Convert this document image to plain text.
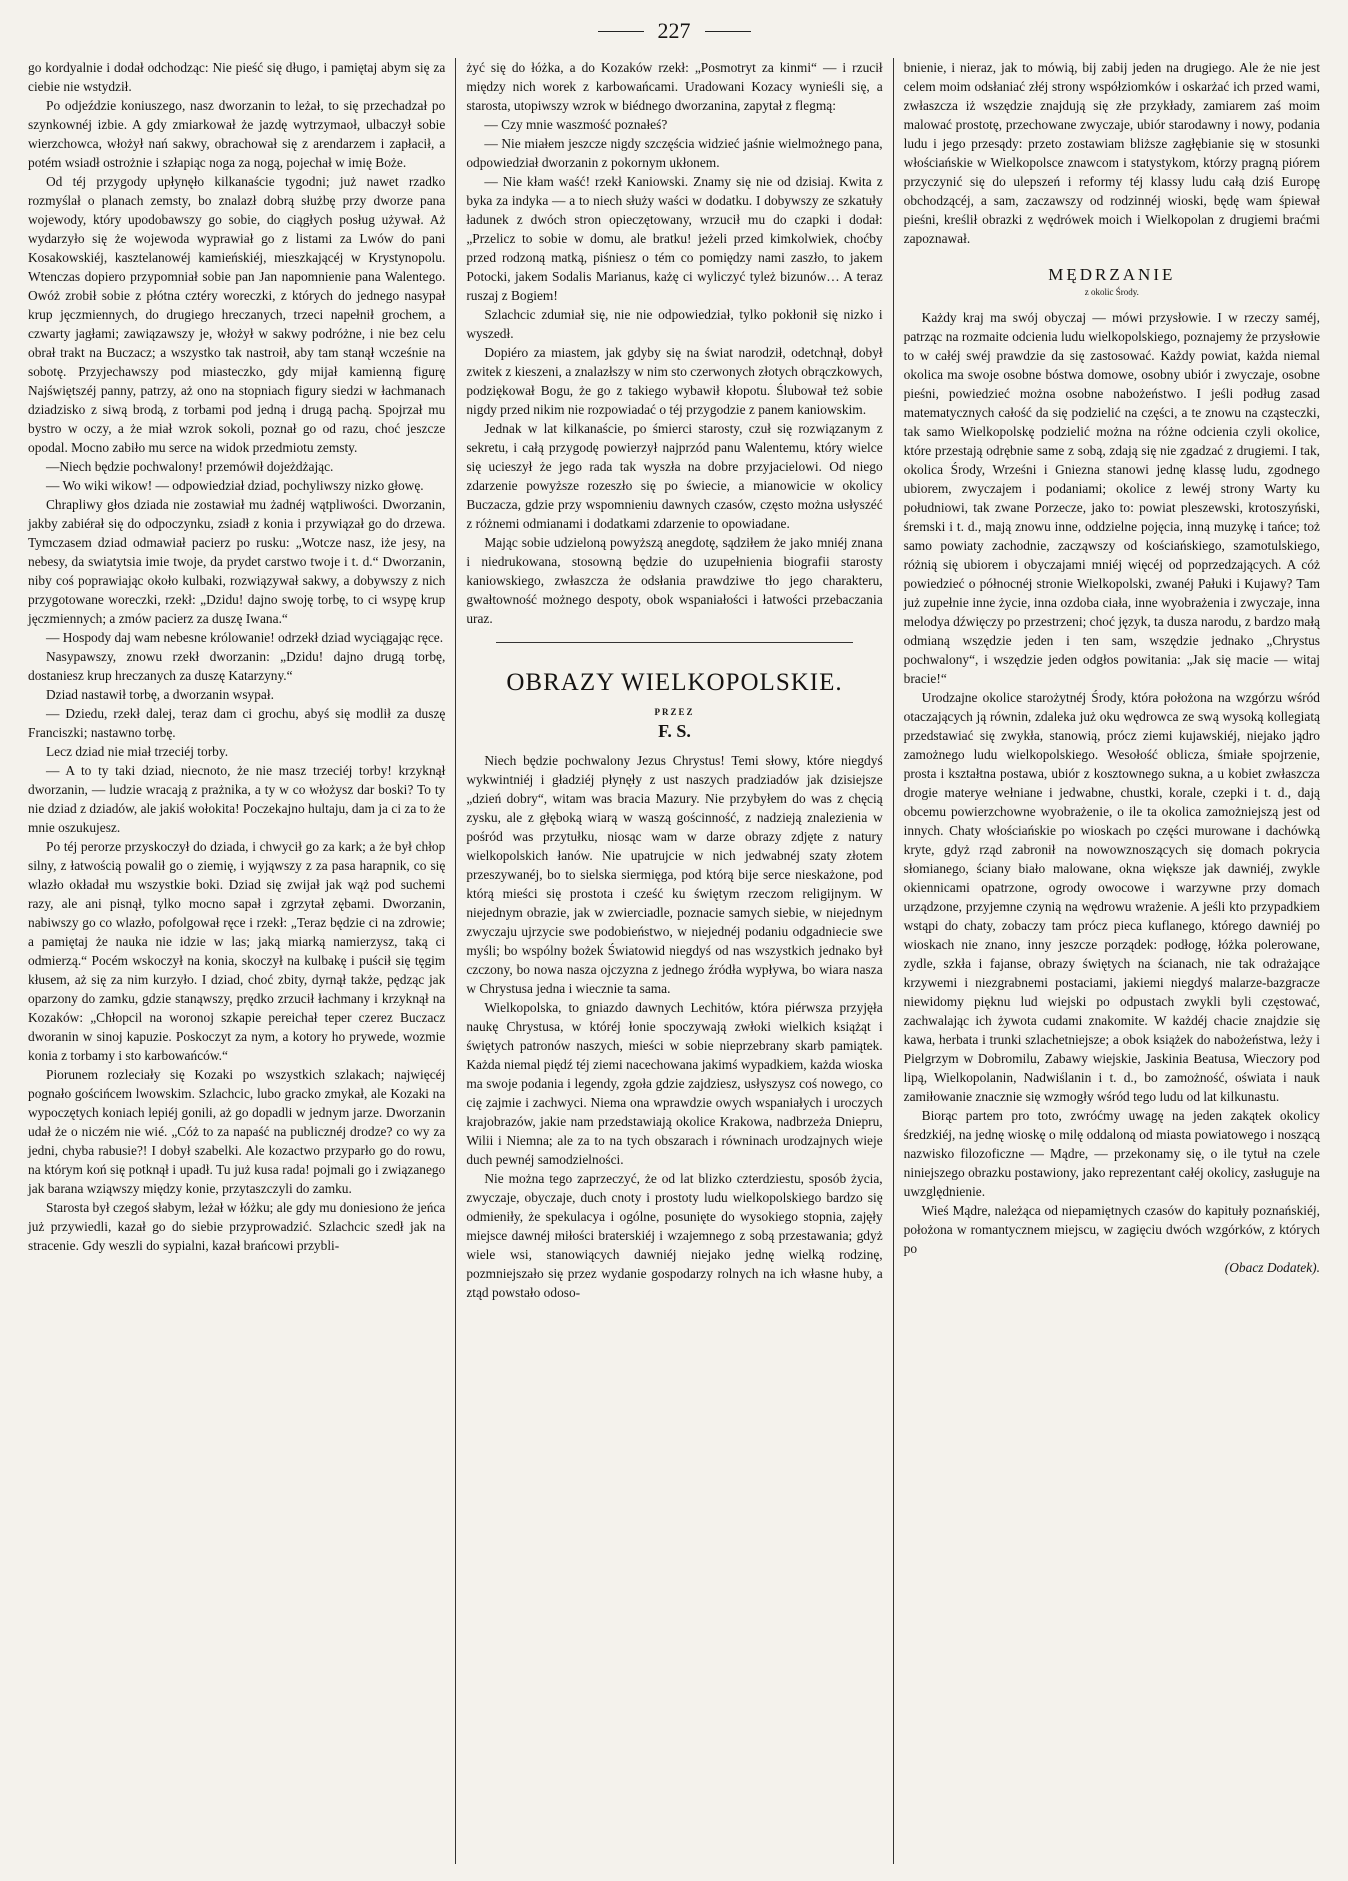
227

go kordyalnie i dodał odchodząc: Nie pieść się długo, i pamiętaj abym się za ciebie nie wstydził.

Po odjeździe koniuszego, nasz dworzanin to leżał, to się przechadzał po szynkownéj izbie. A gdy zmiarkował że jazdę wytrzymaoł, ulbaczył sobie wierzchowca, włożył nań sakwy, obrachował się z arendarzem i zapłacił, a potém wsiadł ostrożnie i szłapiąc noga za nogą, pojechał w imię Boże.

Od téj przygody upłynęło kilkanaście tygodni; już nawet rzadko rozmyślał o planach zemsty, bo znalazł dobrą służbę przy dworze pana wojewody, który upodobawszy go sobie, do ciągłych posług używał. Aż wydarzyło się że wojewoda wyprawiał go z listami za Lwów do pani Kosakowskiéj, kasztelanowéj kamieńskiéj, mieszkającéj w Krystynopolu. Wtenczas dopiero przypomniał sobie pan Jan napomnienie pana Walentego. Owóż zrobił sobie z płótna cztéry woreczki, z których do jednego nasypał krup jęczmiennych, do drugiego hreczanych, trzeci napełnił grochem, a czwarty jagłami; zawiązawszy je, włożył w sakwy podróżne, i nie bez celu obrał trakt na Buczacz; a wszystko tak nastroił, aby tam stanął wcześnie na sobotę. Przyjechawszy pod miasteczko, gdy mijał kamienną figurę Najświętszéj panny, patrzy, aż ono na stopniach figury siedzi w łachmanach dziadzisko z siwą brodą, z torbami pod jedną i drugą pachą. Spojrzał mu bystro w oczy, a że miał wzrok sokoli, poznał go od razu, choć jeszcze opodal. Mocno zabiło mu serce na widok przedmiotu zemsty.

—Niech będzie pochwalony! przemówił dojeżdżając.

— Wo wiki wikow! — odpowiedział dziad, pochyliwszy nizko głowę.

Chrapliwy głos dziada nie zostawiał mu żadnéj wątpliwości. Dworzanin, jakby zabiérał się do odpoczynku, zsiadł z konia i przywiązał go do drzewa. Tymczasem dziad odmawiał pacierz po rusku: „Wotcze nasz, iże jesy, na nebesy, da swiatytsia imie twoje, da prydet carstwo twoje i t. d.“ Dworzanin, niby coś poprawiając około kulbaki, rozwiązywał sakwy, a dobywszy z nich przygotowane woreczki, rzekł: „Dzidu! dajno swoję torbę, to ci wsypę krup jęczmiennych; a zmów pacierz za duszę Iwana.“

— Hospody daj wam nebesne królowanie! odrzekł dziad wyciągając ręce.

Nasypawszy, znowu rzekł dworzanin: „Dzidu! dajno drugą torbę, dostaniesz krup hreczanych za duszę Katarzyny.“

Dziad nastawił torbę, a dworzanin wsypał.

— Dziedu, rzekł dalej, teraz dam ci grochu, abyś się modlił za duszę Franciszki; nastawno torbę.

Lecz dziad nie miał trzeciéj torby.

— A to ty taki dziad, niecnoto, że nie masz trzeciéj torby! krzyknął dworzanin, — ludzie wracają z prażnika, a ty w co włożysz dar boski? To ty nie dziad z dziadów, ale jakiś wołokita! Poczekajno hultaju, dam ja ci za to że mnie oszukujesz.

Po téj perorze przyskoczył do dziada, i chwycił go za kark; a że był chłop silny, z łatwością powalił go o ziemię, i wyjąwszy z za pasa harapnik, co się wlazło okładał mu wszystkie boki. Dziad się zwijał jak wąż pod suchemi razy, ale ani pisnął, tylko mocno sapał i zgrzytał zębami. Dworzanin, nabiwszy go co wlazło, pofolgował ręce i rzekł: „Teraz będzie ci na zdrowie; a pamiętaj że nauka nie idzie w las; jaką miarką namierzysz, taką ci odmierzą.“ Pocém wskoczył na konia, skoczył na kulbakę i puścił się tęgim kłusem, aż się za nim kurzyło. I dziad, choć zbity, dyrnął także, pędząc jak oparzony do zamku, gdzie stanąwszy, prędko zrzucił łachmany i krzyknął na Kozaków: „Chłopcil na woronoj szkapie pereichał teper czerez Buczacz dworanin w sinoj kapuzie. Poskoczyt za nym, a kotory ho prywede, wozmie konia z torbamy i sto karbowańców.“

Piorunem rozleciały się Kozaki po wszystkich szlakach; najwięcéj pognało gościńcem lwowskim. Szlachcic, lubo gracko zmykał, ale Kozaki na wypoczętych koniach lepiéj gonili, aż go dopadli w jednym jarze. Dworzanin udał że o niczém nie wié. „Cóż to za napaść na publicznéj drodze? co wy za jedni, chyba rabusie?! I dobył szabelki. Ale kozactwo przyparło go do rowu, na którym koń się potknął i upadł. Tu już kusa rada! pojmali go i związanego jak barana wziąwszy między konie, przytaszczyli do zamku.

Starosta był czegoś słabym, leżał w łóżku; ale gdy mu doniesiono że jeńca już przywiedli, kazał go do siebie przyprowadzić. Szlachcic szedł jak na stracenie. Gdy weszli do sypialni, kazał brańcowi przybli-

żyć się do łóżka, a do Kozaków rzekł: „Posmotryt za kinmi“ — i rzucił między nich worek z karbowańcami. Uradowani Kozacy wynieśli się, a starosta, utopiwszy wzrok w biédnego dworzanina, zapytał z flegmą:

— Czy mnie waszmość poznałeś?

— Nie miałem jeszcze nigdy szczęścia widzieć jaśnie wielmożnego pana, odpowiedział dworzanin z pokornym ukłonem.

— Nie kłam waść! rzekł Kaniowski. Znamy się nie od dzisiaj. Kwita z byka za indyka — a to niech służy waści w dodatku. I dobywszy ze szkatuły ładunek z dwóch stron opieczętowany, wrzucił mu do czapki i dodał: „Przelicz to sobie w domu, ale bratku! jeżeli przed kimkolwiek, choćby przed rodzoną matką, piśniesz o tém co pomiędzy nami zaszło, to jakem Potocki, jakem Sodalis Marianus, każę ci wyliczyć tyleż bizunów… A teraz ruszaj z Bogiem!

Szlachcic zdumiał się, nie nie odpowiedział, tylko pokłonił się nizko i wyszedł.

Dopiéro za miastem, jak gdyby się na świat narodził, odetchnął, dobył zwitek z kieszeni, a znalazłszy w nim sto czerwonych złotych obrączkowych, podziękował Bogu, że go z takiego wybawił kłopotu. Ślubował też sobie nigdy przed nikim nie rozpowiadać o téj przygodzie z panem kaniowskim.

Jednak w lat kilkanaście, po śmierci starosty, czuł się rozwiązanym z sekretu, i całą przygodę powierzył najprzód panu Walentemu, który wielce się ucieszył że jego rada tak wyszła na dobre przyjacielowi. Od niego zdarzenie powyższe rozeszło się po świecie, a mianowicie w okolicy Buczacza, gdzie przy wspomnieniu dawnych czasów, często można usłyszéć z różnemi odmianami i dodatkami zdarzenie to opowiadane.

Mając sobie udzieloną powyższą anegdotę, sądziłem że jako mniéj znana i niedrukowana, stosowną będzie do uzupełnienia biografii starosty kaniowskiego, zwłaszcza że odsłania prawdziwe tło jego charakteru, gwałtowność możnego despoty, obok wspaniałości i łatwości przebaczania uraz.

OBRAZY WIELKOPOLSKIE.
PRZEZ
F. S.

Niech będzie pochwalony Jezus Chrystus! Temi słowy, które niegdyś wykwintniéj i gładziéj płynęły z ust naszych pradziadów jak dzisiejsze „dzień dobry“, witam was bracia Mazury. Nie przybyłem do was z chęcią zysku, ale z głęboką wiarą w waszą gościnność, z nadzieją znalezienia w pośród was przytułku, niosąc wam w darze obrazy zdjęte z natury wielkopolskich łanów. Nie upatrujcie w nich jedwabnéj szaty złotem przeszywanéj, bo to sielska siermięga, pod którą bije serce nieskażone, pod którą mieści się prostota i cześć ku świętym rzeczom religijnym. W niejednym obrazie, jak w zwierciadle, poznacie samych siebie, w niejednym zwyczaju ujrzycie swe podobieństwo, w niejednéj podaniu odgadniecie swe myśli; bo wspólny bożek Światowid niegdyś od nas wszystkich jednako był czczony, bo nowa nasza ojczyzna z jednego źródła wypływa, bo wiara nasza w Chrystusa jedna i wiecznie ta sama.

Wielkopolska, to gniazdo dawnych Lechitów, która piérwsza przyjęła naukę Chrystusa, w któréj łonie spoczywają zwłoki wielkich książąt i świętych patronów naszych, mieści w sobie nieprzebrany skarb pamiątek. Każda niemal piędź téj ziemi nacechowana jakimś wypadkiem, każda wioska ma swoje podania i legendy, zgoła gdzie zajdziesz, usłyszysz coś nowego, co cię zajmie i zachwyci. Niema ona wprawdzie owych wspaniałych i uroczych krajobrazów, jakie nam przedstawiają okolice Krakowa, nadbrzeża Dniepru, Wilii i Niemna; ale za to na tych obszarach i równinach urodzajnych wieje duch pewnéj samodzielności.

Nie można tego zaprzeczyć, że od lat blizko czterdziestu, sposób życia, zwyczaje, obyczaje, duch cnoty i prostoty ludu wielkopolskiego bardzo się odmieniły, że spekulacya i ogólne, posunięte do wysokiego stopnia, zajęły miejsce dawnéj miłości braterskiéj i wzajemnego z sobą przestawania; gdyż wiele wsi, stanowiących dawniéj niejako jednę wielką rodzinę, pozmniejszało się przez wydanie gospodarzy rolnych na ich własne huby, a ztąd powstało odoso-

bnienie, i nieraz, jak to mówią, bij zabij jeden na drugiego. Ale że nie jest celem moim odsłaniać złéj strony współziomków i oskarżać ich przed wami, zwłaszcza iż wszędzie znajdują się złe przykłady, zamiarem zaś moim malować prostotę, przechowane zwyczaje, ubiór starodawny i nowy, podania ludu i jego przesądy: przeto zostawiam bliższe zagłębianie się w stosunki włościańskie w Wielkopolsce znawcom i statystykom, którzy pragną piórem przyczynić się do ulepszeń i reformy téj klassy ludu całą dziś Europę obchodzącéj, a sam, zaczawszy od rodzinnéj wioski, będę wam śpiewał pieśni, kreślił obrazki z wędrówek moich i Wielkopolan z drugiemi braćmi zapoznawał.

MĘDRZANIE
z okolic Środy.

Każdy kraj ma swój obyczaj — mówi przysłowie. I w rzeczy saméj, patrząc na rozmaite odcienia ludu wielkopolskiego, poznajemy że przysłowie to w całéj swéj prawdzie da się zastosować. Każdy powiat, każda niemal okolica ma swoje osobne bóstwa domowe, osobny ubiór i zwyczaje, osobne pieśni, powiedzieć można osobne nabożeństwo. I jeśli podług zasad matematycznych całość da się podzielić na części, a te znowu na cząsteczki, tak samo Wielkopolskę podzielić można na różne odcienia czyli okolice, które przestają odrębnie same z sobą, zdają się nie zgadzać z drugiemi. I tak, okolica Środy, Wrześni i Gniezna stanowi jednę klassę ludu, zgodnego ubiorem, zwyczajem i podaniami; okolice z lewéj strony Warty ku południowi, tak zwane Porzecze, jako to: powiat pleszewski, krotoszyński, śremski i t. d., mają znowu inne, oddzielne pojęcia, inną muzykę i tańce; toż samo powiaty zachodnie, zacząwszy od kościańskiego, szamotulskiego, różnią się ubiorem i obyczajami mniéj więcéj od poprzedzających. A cóż powiedzieć o północnéj stronie Wielkopolski, zwanéj Pałuki i Kujawy? Tam już zupełnie inne życie, inna ozdoba ciała, inne wyobrażenia i zwyczaje, inna melodya dźwięczy po przestrzeni; choć język, ta dusza narodu, z bardzo małą odmianą wszędzie jeden i ten sam, wszędzie jednako „Chrystus pochwalony“, i wszędzie jeden odgłos powitania: „Jak się macie — witaj bracie!“

Urodzajne okolice starożytnéj Środy, która położona na wzgórzu wśród otaczających ją równin, zdaleka już oku wędrowca ze swą wysoką kollegiatą przedstawiać się zwykła, stanowią, prócz ziemi kujawskiéj, niejako jądro zamożnego ludu wielkopolskiego. Wesołość oblicza, śmiałe spojrzenie, prosta i kształtna postawa, ubiór z kosztownego sukna, a u kobiet zwłaszcza drogie materye wełniane i jedwabne, chustki, korale, czepki i t. d., dają obcemu powierzchowne wyobrażenie, o ile ta okolica zamożniejszą jest od innych. Chaty włościańskie po wioskach po części murowane i dachówką kryte, gdyż rząd zabronił na nowowznoszących się domach pokrycia słomianego, ściany biało malowane, okna większe jak dawniéj, zwykle okiennicami opatrzone, ogrody owocowe i warzywne przy domach urządzone, przyjemne czynią na wędrowu wrażenie. A jeśli kto przypadkiem wstąpi do chaty, zobaczy tam prócz pieca kuflanego, którego dawniéj po wioskach nie znano, inny jeszcze porządek: podłogę, łóżka polerowane, zydle, szkła i fajanse, obrazy świętych na ścianach, nie tak odrażające krzywemi i niezgrabnemi postaciami, jakiemi niegdyś malarze-bazgracze niewidomy pięknu lud wiejski po odpustach zwykli byli częstować, zachwalając ich żywota cudami znakomite. W każdéj chacie znajdzie się kawa, herbata i trunki szlachetniejsze; a obok książek do nabożeństwa, leży i Pielgrzym w Dobromilu, Zabawy wiejskie, Jaskinia Beatusa, Wieczory pod lipą, Wielkopolanin, Nadwiślanin i t. d., bo zamożność, oświata i nauk zamiłowanie znacznie się wzmogły wśród tego ludu od lat kilkunastu.

Biorąc partem pro toto, zwróćmy uwagę na jeden zakątek okolicy średzkiéj, na jednę wioskę o milę oddaloną od miasta powiatowego i noszącą nazwisko filozoficzne — Mądre, — przekonamy się, o ile tytuł na czele niniejszego obrazku postawiony, jako reprezentant całéj okolicy, zasługuje na uwzględnienie.

Wieś Mądre, należąca od niepamiętnych czasów do kapituły poznańskiéj, położona w romantycznem miejscu, w zagięciu dwóch wzgórków, z których po

(Obacz Dodatek).
